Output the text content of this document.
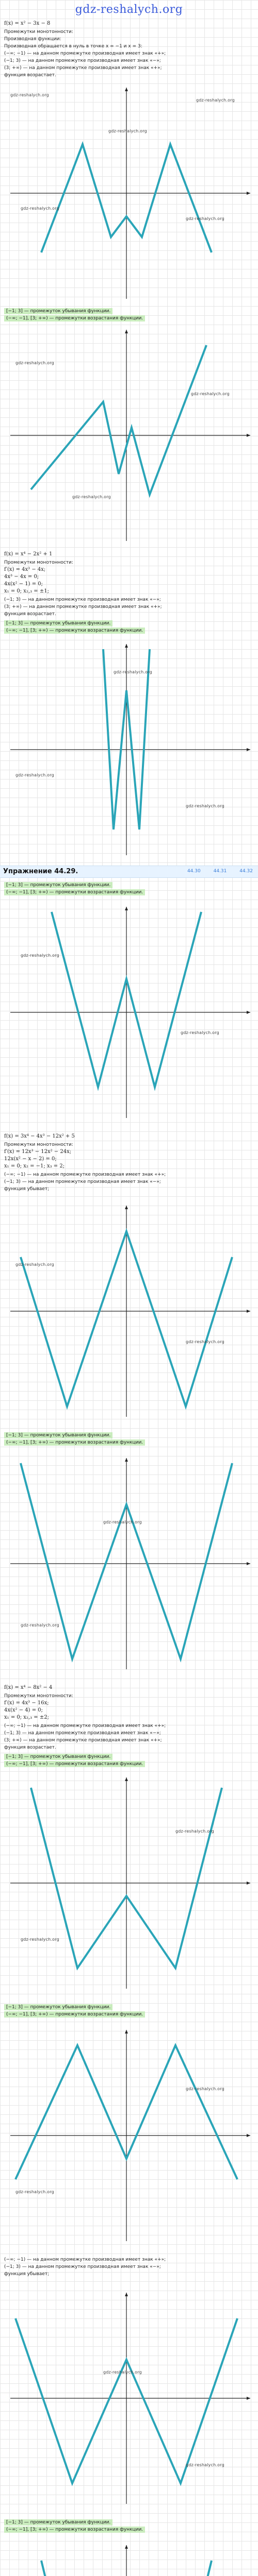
gdz-reshalych.org
f(x) = x² − 3x − 8
Промежутки монотонности:
Производная функции:
Производная обращается в нуль в точке x = −1 и x = 3:
(−∞; −1) — на данном промежутке производная имеет знак «+»;
(−1; 3) — на данном промежутке производная имеет знак «−»;
(3; +∞) — на данном промежутке производная имеет знак «+»;
функция возрастает.
[−1; 3] — промежуток убывания функции.
(−∞; −1], [3; +∞) — промежутки возрастания функции.
f(x) = x⁴ − 2x² + 1
Промежутки монотонности:
f′(x) = 4x³ − 4x;
4x³ − 4x = 0;
4x(x² − 1) = 0;
x₁ = 0; x₂,₃ = ±1;
(−1; 3) — на данном промежутке производная имеет знак «−»;
(3; +∞) — на данном промежутке производная имеет знак «+»;
функция возрастает.
[−1; 3] — промежуток убывания функции.
(−∞; −1], [3; +∞) — промежутки возрастания функции.
Упражнение 44.29.	44.30	44.31	44.32
[−1; 3] — промежуток убывания функции.
(−∞; −1], [3; +∞) — промежутки возрастания функции.
f(x) = 3x⁴ − 4x³ − 12x² + 5
Промежутки монотонности:
f′(x) = 12x³ − 12x² − 24x;
12x(x² − x − 2) = 0;
x₁ = 0; x₂ = −1; x₃ = 2;
(−∞; −1) — на данном промежутке производная имеет знак «+»;
(−1; 3) — на данном промежутке производная имеет знак «−»;
функция убывает;
[−1; 3] — промежуток убывания функции.
(−∞; −1], [3; +∞) — промежутки возрастания функции.
f(x) = x⁴ − 8x² − 4
Промежутки монотонности:
f′(x) = 4x³ − 16x;
4x(x² − 4) = 0;
x₁ = 0; x₂,₃ = ±2;
(−∞; −1) — на данном промежутке производная имеет знак «+»;
(−1; 3) — на данном промежутке производная имеет знак «−»;
(3; +∞) — на данном промежутке производная имеет знак «+»;
функция возрастает.
[−1; 3] — промежуток убывания функции.
(−∞; −1], [3; +∞) — промежутки возрастания функции.
[−1; 3] — промежуток убывания функции.
(−∞; −1], [3; +∞) — промежутки возрастания функции.
(−∞; −1) — на данном промежутке производная имеет знак «+»;
(−1; 3) — на данном промежутке производная имеет знак «−»;
функция убывает;
[−1; 3] — промежуток убывания функции.
(−∞; −1], [3; +∞) — промежутки возрастания функции.
gdz-reshalych.org
gdz-reshalych.org
gdz-reshalych.org
gdz-reshalych.org
gdz-reshalych.org
gdz-reshalych.org
gdz-reshalych.org
gdz-reshalych.org
gdz-reshalych.org
gdz-reshalych.org
gdz-reshalych.org
gdz-reshalych.org
gdz-reshalych.org
gdz-reshalych.org
gdz-reshalych.org
gdz-reshalych.org
gdz-reshalych.org
gdz-reshalych.org
gdz-reshalych.org
gdz-reshalych.org
gdz-reshalych.org
gdz-reshalych.org
gdz-reshalych.org
